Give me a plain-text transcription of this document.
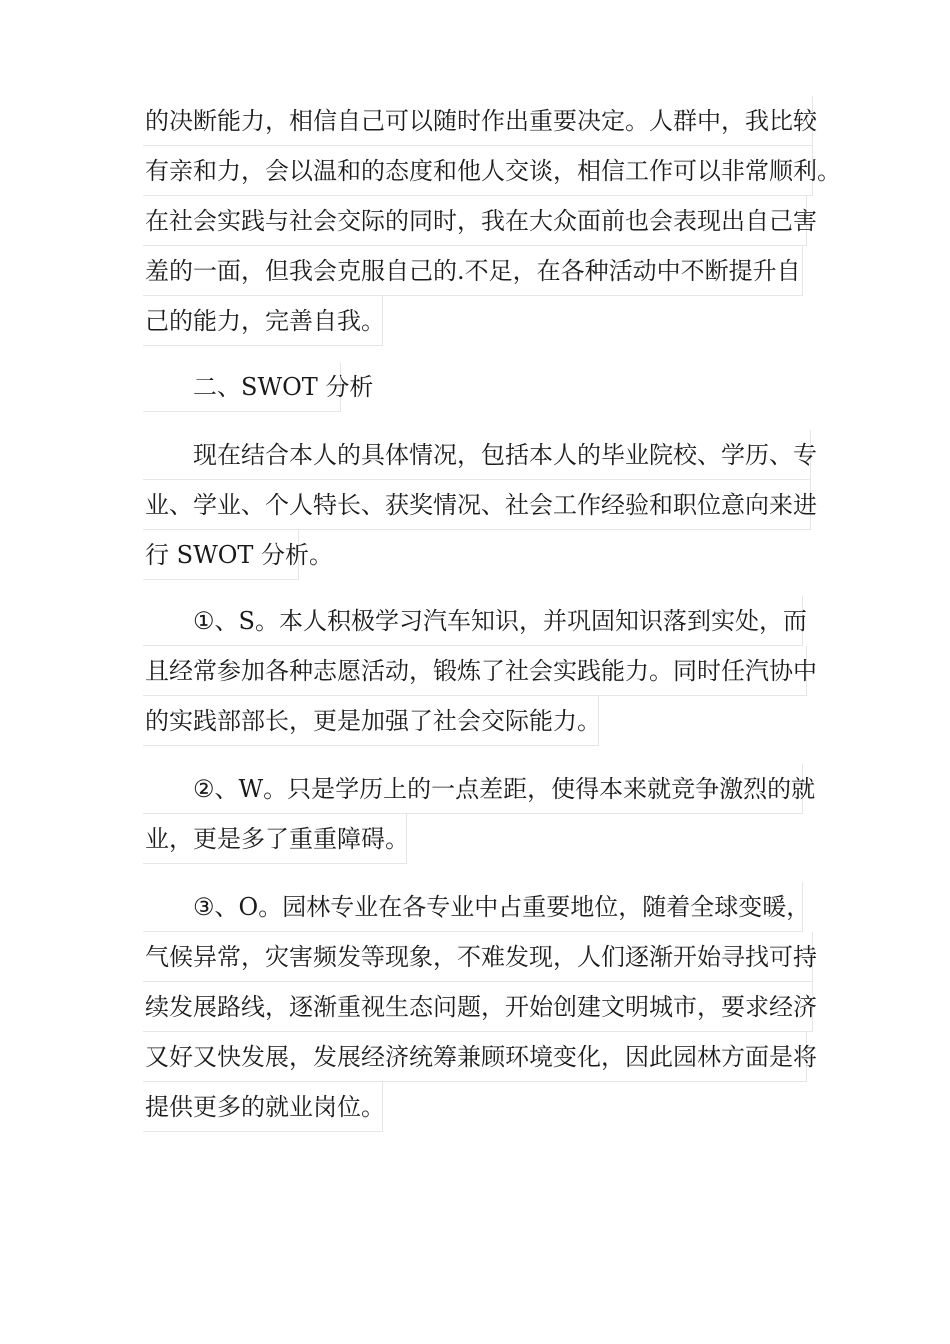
的决断能力，相信自己可以随时作出重要决定。人群中，我比较
有亲和力，会以温和的态度和他人交谈，相信工作可以非常顺利。
在社会实践与社会交际的同时，我在大众面前也会表现出自己害
羞的一面，但我会克服自己的.不足，在各种活动中不断提升自
己的能力，完善自我。
二、SWOT 分析
现在结合本人的具体情况，包括本人的毕业院校、学历、专
业、学业、个人特长、获奖情况、社会工作经验和职位意向来进
行 SWOT 分析。
①、S。本人积极学习汽车知识，并巩固知识落到实处，而
且经常参加各种志愿活动，锻炼了社会实践能力。同时任汽协中
的实践部部长，更是加强了社会交际能力。
②、W。只是学历上的一点差距，使得本来就竞争激烈的就
业，更是多了重重障碍。
③、O。园林专业在各专业中占重要地位，随着全球变暖，
气候异常，灾害频发等现象，不难发现，人们逐渐开始寻找可持
续发展路线，逐渐重视生态问题，开始创建文明城市，要求经济
又好又快发展，发展经济统筹兼顾环境变化，因此园林方面是将
提供更多的就业岗位。
